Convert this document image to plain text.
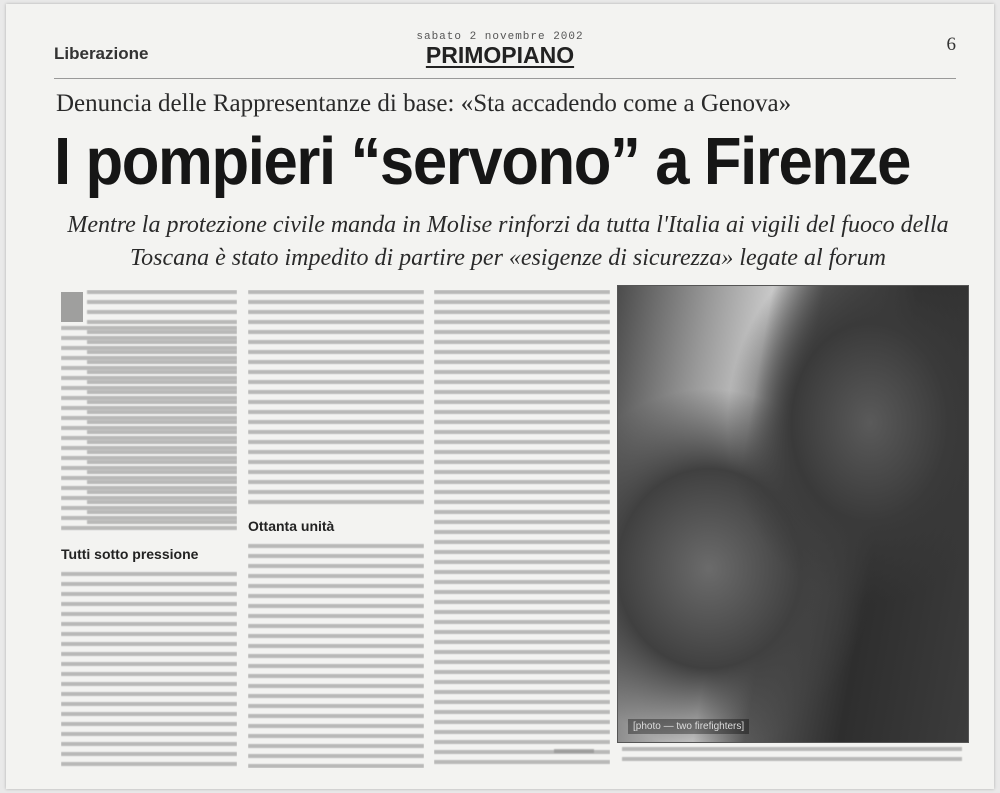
Liberazione
sabato 2 novembre 2002
PRIMOPIANO	6
Denuncia delle Rappresentanze di base: «Sta accadendo come a Genova»
I pompieri “servono” a Firenze
Mentre la protezione civile manda in Molise rinforzi da tutta l'Italia ai vigili del fuoco della Toscana è stato impedito di partire per «esigenze di sicurezza» legate al forum
Tutti sotto pressione
Ottanta unità
[photo — two firefighters]
